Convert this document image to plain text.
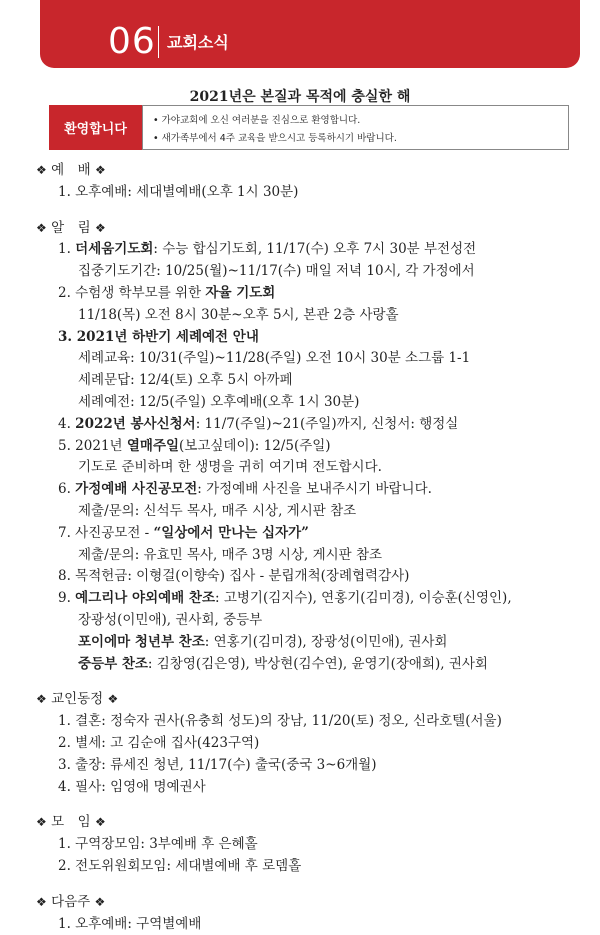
06 교회소식
2021년은 본질과 목적에 충실한 해
환영합니다
• 가야교회에 오신 여러분을 진심으로 환영합니다.
• 새가족부에서 4주 교육을 받으시고 등록하시기 바랍니다.
❖ 예　배 ❖
1. 오후예배: 세대별예배(오후 1시 30분)
❖ 알　림 ❖
1. 더세움기도회: 수능 합심기도회, 11/17(수) 오후 7시 30분 부전성전
집중기도기간: 10/25(월)~11/17(수) 매일 저녁 10시, 각 가정에서
2. 수험생 학부모를 위한 자율 기도회
11/18(목) 오전 8시 30분~오후 5시, 본관 2층 사랑홀
3. 2021년 하반기 세례예전 안내
세례교육: 10/31(주일)~11/28(주일) 오전 10시 30분 소그룹 1-1
세례문답: 12/4(토) 오후 5시 아까페
세례예전: 12/5(주일) 오후예배(오후 1시 30분)
4. 2022년 봉사신청서: 11/7(주일)~21(주일)까지, 신청서: 행정실
5. 2021년 열매주일(보고싶데이): 12/5(주일)
기도로 준비하며 한 생명을 귀히 여기며 전도합시다.
6. 가정예배 사진공모전: 가정예배 사진을 보내주시기 바랍니다.
제출/문의: 신석두 목사, 매주 시상, 게시판 참조
7. 사진공모전 - “일상에서 만나는 십자가”
제출/문의: 유효민 목사, 매주 3명 시상, 게시판 참조
8. 목적헌금: 이형걸(이향숙) 집사 - 분립개척(장례협력감사)
9. 예그리나 야외예배 찬조: 고병기(김지수), 연홍기(김미경), 이승훈(신영인),
장광성(이민애), 권사회, 중등부
포이에마 청년부 찬조: 연홍기(김미경), 장광성(이민애), 권사회
중등부 찬조: 김창영(김은영), 박상현(김수연), 윤영기(장애희), 권사회
❖ 교인동정 ❖
1. 결혼: 정숙자 권사(유충희 성도)의 장남, 11/20(토) 정오, 신라호텔(서울)
2. 별세: 고 김순애 집사(423구역)
3. 출장: 류세진 청년, 11/17(수) 출국(중국 3~6개월)
4. 필사: 임영애 명예권사
❖ 모　임 ❖
1. 구역장모임: 3부예배 후 은혜홀
2. 전도위원회모임: 세대별예배 후 로뎀홀
❖ 다음주 ❖
1. 오후예배: 구역별예배
